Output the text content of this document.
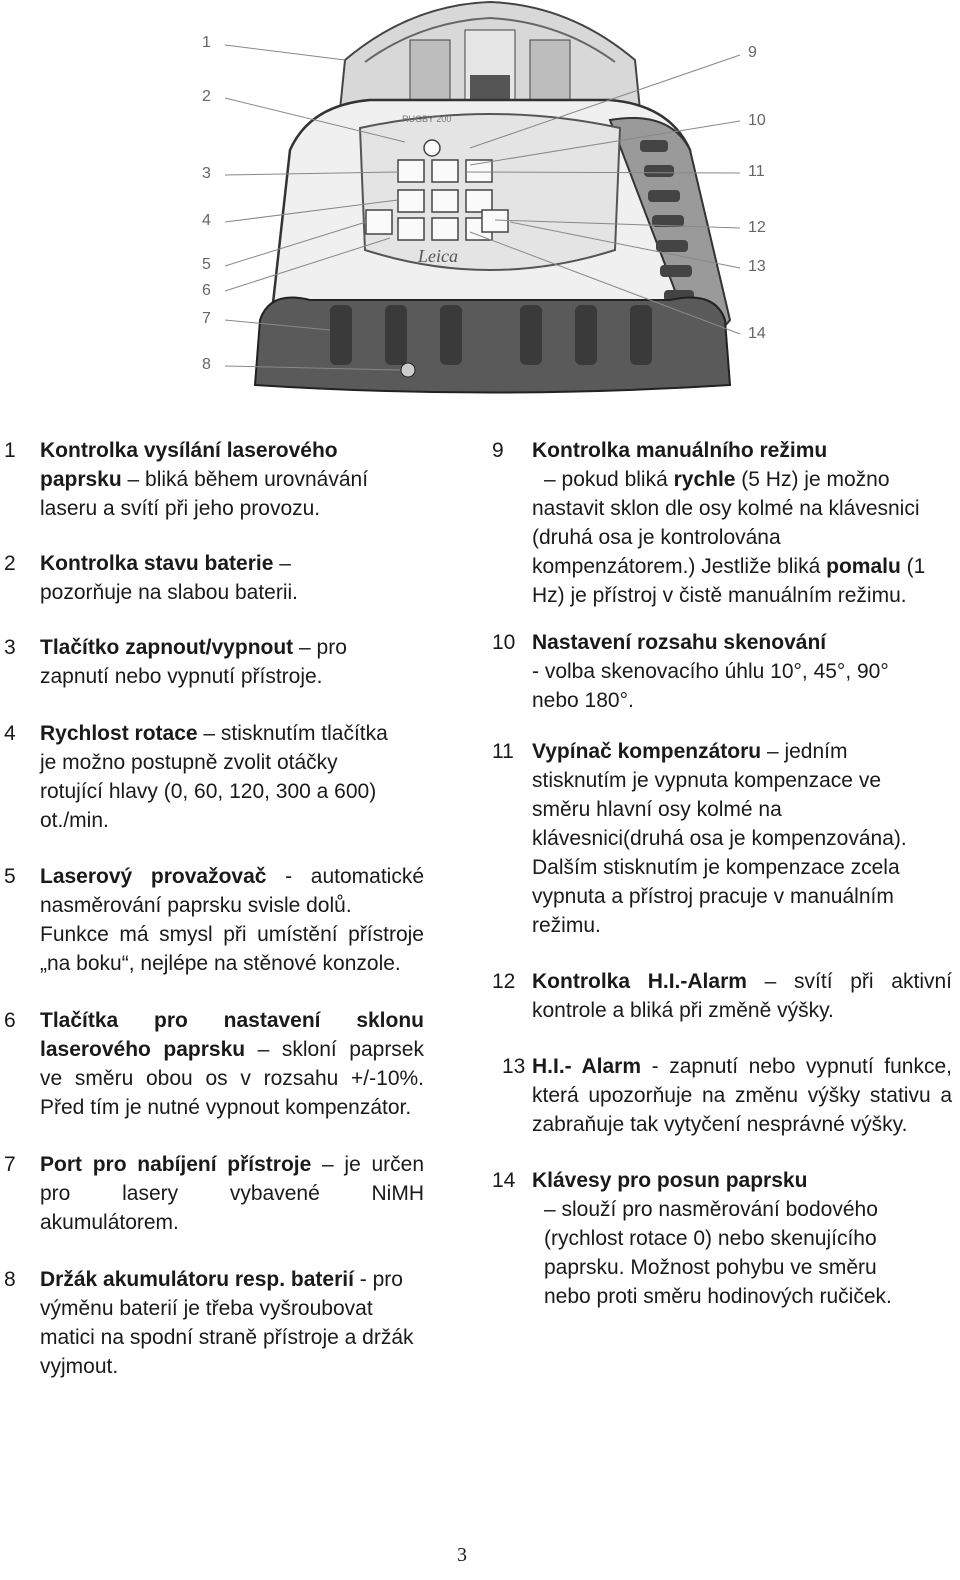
RUGBY 200
Leica
1
2
3
4
5
6
7
8
9
10
11
12
13
14
1 Kontrolka vysílání laserového paprsku – bliká během urovnávání laseru a svítí při jeho provozu.
2 Kontrolka stavu baterie – pozorňuje na slabou baterii.
3 Tlačítko zapnout/vypnout – pro zapnutí nebo vypnutí přístroje.
4 Rychlost rotace – stisknutím tlačítka je možno postupně zvolit otáčky rotující hlavy (0, 60, 120, 300 a 600) ot./min.
5 Laserový provažovač - automatické nasměrování paprsku svisle dolů.
Funkce má smysl při umístění přístroje „na boku“, nejlépe na stěnové konzole.
6 Tlačítka pro nastavení sklonu laserového paprsku – skloní paprsek ve směru obou os v rozsahu +/-10%. Před tím je nutné vypnout kompenzátor.
7 Port pro nabíjení přístroje – je určen pro lasery vybavené NiMH akumulátorem.
8 Držák akumulátoru resp. baterií - pro výměnu baterií je třeba vyšroubovat matici na spodní straně přístroje a držák vyjmout.
9 Kontrolka manuálního režimu
– pokud bliká rychle (5 Hz) je možno nastavit sklon dle osy kolmé na klávesnici (druhá osa je kontrolována kompenzátorem.) Jestliže bliká pomalu (1 Hz) je přístroj v čistě manuálním režimu.
10 Nastavení rozsahu skenování
- volba skenovacího úhlu 10°, 45°, 90° nebo 180°.
11 Vypínač kompenzátoru – jedním stisknutím je vypnuta kompenzace ve směru hlavní osy kolmé na klávesnici(druhá osa je kompenzována). Dalším stisknutím je kompenzace zcela vypnuta a přístroj pracuje v manuálním režimu.
12 Kontrolka H.I.-Alarm – svítí při aktivní kontrole a bliká při změně výšky.
13 H.I.- Alarm - zapnutí nebo vypnutí funkce, která upozorňuje na změnu výšky stativu a zabraňuje tak vytyčení nesprávné výšky.
14 Klávesy pro posun paprsku
– slouží pro nasměrování bodového (rychlost rotace 0) nebo skenujícího paprsku. Možnost pohybu ve směru nebo proti směru hodinových ručiček.
3
